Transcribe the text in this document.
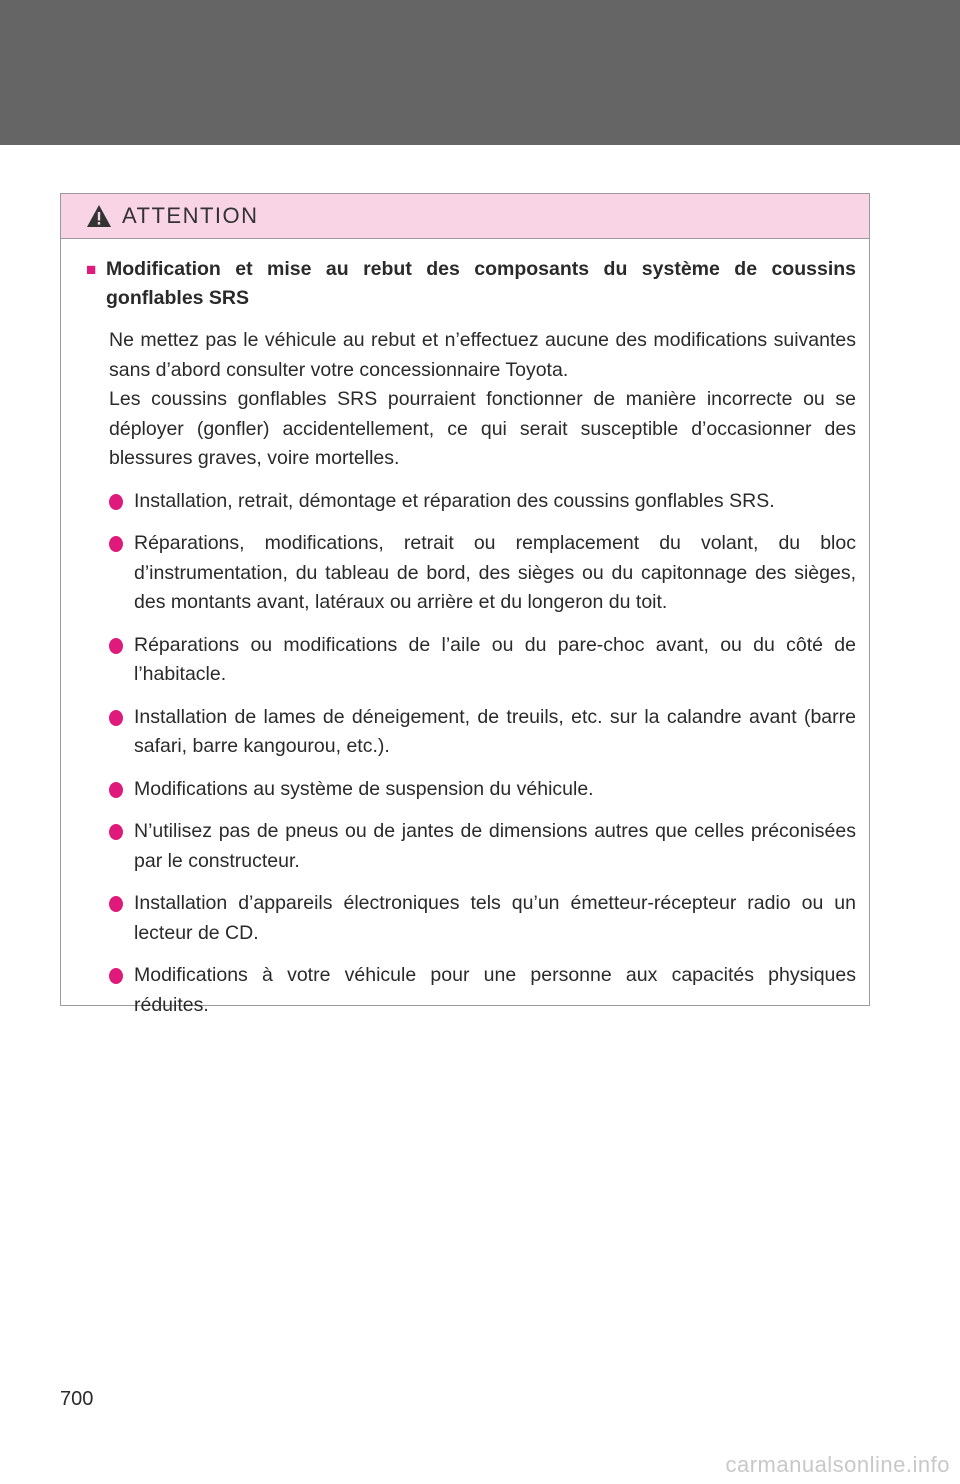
ATTENTION
■ Modification et mise au rebut des composants du système de coussins gonflables SRS

Ne mettez pas le véhicule au rebut et n’effectuez aucune des modifications suivantes sans d’abord consulter votre concessionnaire Toyota.

Les coussins gonflables SRS pourraient fonctionner de manière incorrecte ou se déployer (gonfler) accidentellement, ce qui serait susceptible d’occasionner des blessures graves, voire mortelles.

Installation, retrait, démontage et réparation des coussins gonflables SRS.
Réparations, modifications, retrait ou remplacement du volant, du bloc d’instrumentation, du tableau de bord, des sièges ou du capitonnage des sièges, des montants avant, latéraux ou arrière et du longeron du toit.
Réparations ou modifications de l’aile ou du pare-choc avant, ou du côté de l’habitacle.
Installation de lames de déneigement, de treuils, etc. sur la calandre avant (barre safari, barre kangourou, etc.).
Modifications au système de suspension du véhicule.
N’utilisez pas de pneus ou de jantes de dimensions autres que celles préconisées par le constructeur.
Installation d’appareils électroniques tels qu’un émetteur-récepteur radio ou un lecteur de CD.
Modifications à votre véhicule pour une personne aux capacités physiques réduites.
700
carmanualsonline.info
